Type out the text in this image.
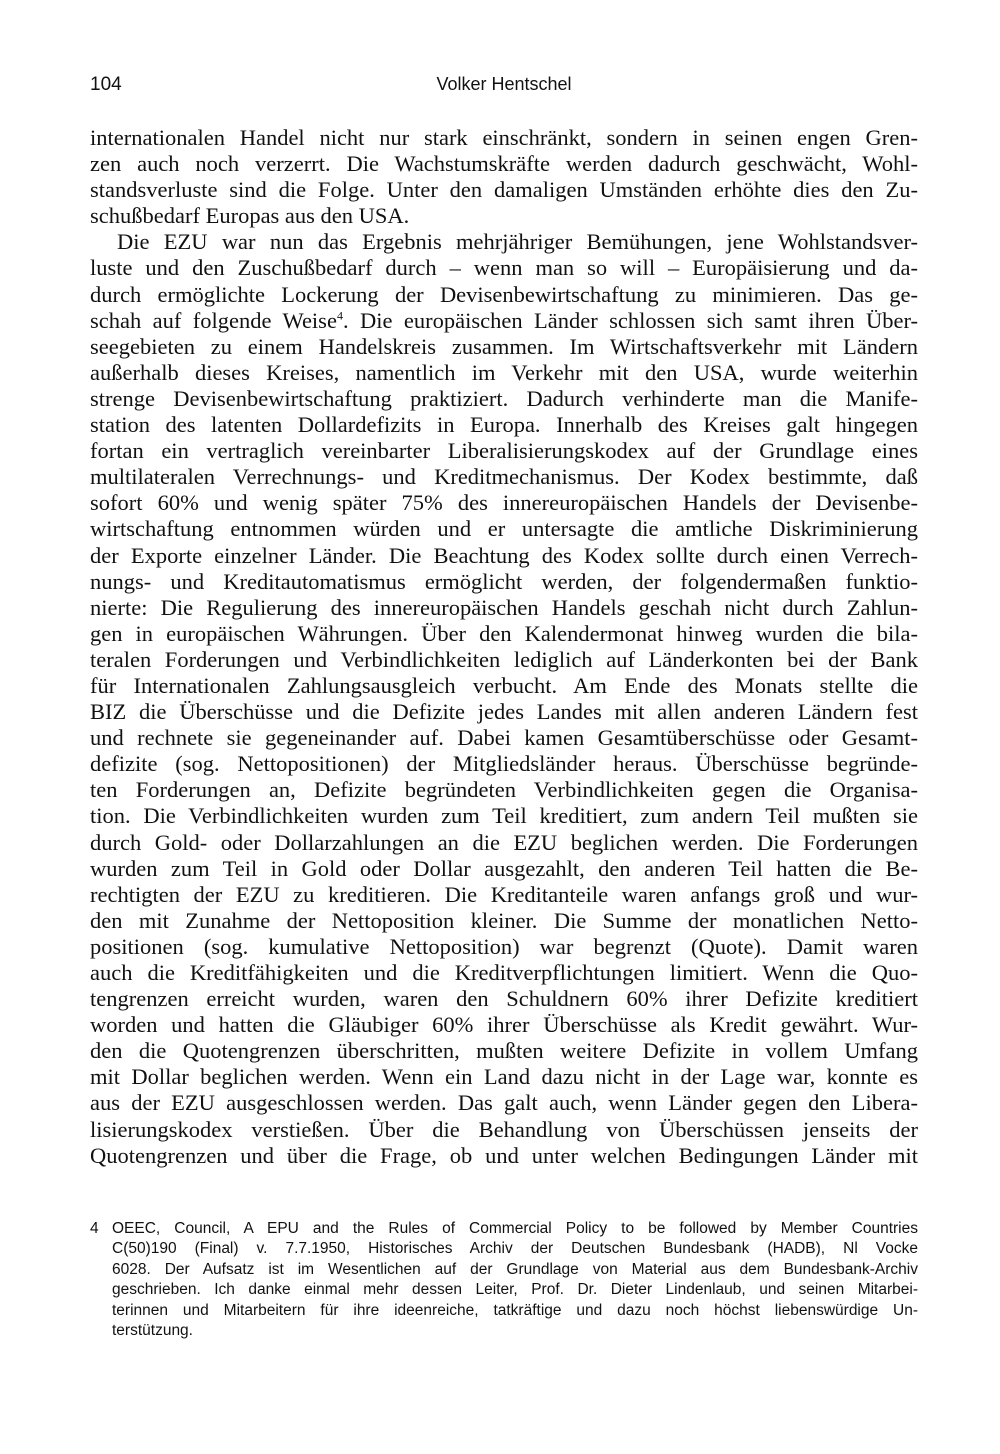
104	Volker Hentschel
internationalen Handel nicht nur stark einschränkt, sondern in seinen engen Gren-
zen auch noch verzerrt. Die Wachstumskräfte werden dadurch geschwächt, Wohl-
standsverluste sind die Folge. Unter den damaligen Umständen erhöhte dies den Zu-
schußbedarf Europas aus den USA.
Die EZU war nun das Ergebnis mehrjähriger Bemühungen, jene Wohlstandsver-
luste und den Zuschußbedarf durch – wenn man so will – Europäisierung und da-
durch ermöglichte Lockerung der Devisenbewirtschaftung zu minimieren. Das ge-
schah auf folgende Weise$^4$. Die europäischen Länder schlossen sich samt ihren Über-
seegebieten zu einem Handelskreis zusammen. Im Wirtschaftsverkehr mit Ländern
außerhalb dieses Kreises, namentlich im Verkehr mit den USA, wurde weiterhin
strenge Devisenbewirtschaftung praktiziert. Dadurch verhinderte man die Manife-
station des latenten Dollardefizits in Europa. Innerhalb des Kreises galt hingegen
fortan ein vertraglich vereinbarter Liberalisierungskodex auf der Grundlage eines
multilateralen Verrechnungs- und Kreditmechanismus. Der Kodex bestimmte, daß
sofort 60% und wenig später 75% des innereuropäischen Handels der Devisenbe-
wirtschaftung entnommen würden und er untersagte die amtliche Diskriminierung
der Exporte einzelner Länder. Die Beachtung des Kodex sollte durch einen Verrech-
nungs- und Kreditautomatismus ermöglicht werden, der folgendermaßen funktio-
nierte: Die Regulierung des innereuropäischen Handels geschah nicht durch Zahlun-
gen in europäischen Währungen. Über den Kalendermonat hinweg wurden die bila-
teralen Forderungen und Verbindlichkeiten lediglich auf Länderkonten bei der Bank
für Internationalen Zahlungsausgleich verbucht. Am Ende des Monats stellte die
BIZ die Überschüsse und die Defizite jedes Landes mit allen anderen Ländern fest
und rechnete sie gegeneinander auf. Dabei kamen Gesamtüberschüsse oder Gesamt-
defizite (sog. Nettopositionen) der Mitgliedsländer heraus. Überschüsse begründe-
ten Forderungen an, Defizite begründeten Verbindlichkeiten gegen die Organisa-
tion. Die Verbindlichkeiten wurden zum Teil kreditiert, zum andern Teil mußten sie
durch Gold- oder Dollarzahlungen an die EZU beglichen werden. Die Forderungen
wurden zum Teil in Gold oder Dollar ausgezahlt, den anderen Teil hatten die Be-
rechtigten der EZU zu kreditieren. Die Kreditanteile waren anfangs groß und wur-
den mit Zunahme der Nettoposition kleiner. Die Summe der monatlichen Netto-
positionen (sog. kumulative Nettoposition) war begrenzt (Quote). Damit waren
auch die Kreditfähigkeiten und die Kreditverpflichtungen limitiert. Wenn die Quo-
tengrenzen erreicht wurden, waren den Schuldnern 60% ihrer Defizite kreditiert
worden und hatten die Gläubiger 60% ihrer Überschüsse als Kredit gewährt. Wur-
den die Quotengrenzen überschritten, mußten weitere Defizite in vollem Umfang
mit Dollar beglichen werden. Wenn ein Land dazu nicht in der Lage war, konnte es
aus der EZU ausgeschlossen werden. Das galt auch, wenn Länder gegen den Libera-
lisierungskodex verstießen. Über die Behandlung von Überschüssen jenseits der
Quotengrenzen und über die Frage, ob und unter welchen Bedingungen Länder mit
4 OEEC, Council, A EPU and the Rules of Commercial Policy to be followed by Member Countries
C(50)190 (Final) v. 7.7.1950, Historisches Archiv der Deutschen Bundesbank (HADB), Nl Vocke
6028. Der Aufsatz ist im Wesentlichen auf der Grundlage von Material aus dem Bundesbank-Archiv
geschrieben. Ich danke einmal mehr dessen Leiter, Prof. Dr. Dieter Lindenlaub, und seinen Mitarbei-
terinnen und Mitarbeitern für ihre ideenreiche, tatkräftige und dazu noch höchst liebenswürdige Un-
terstützung.
